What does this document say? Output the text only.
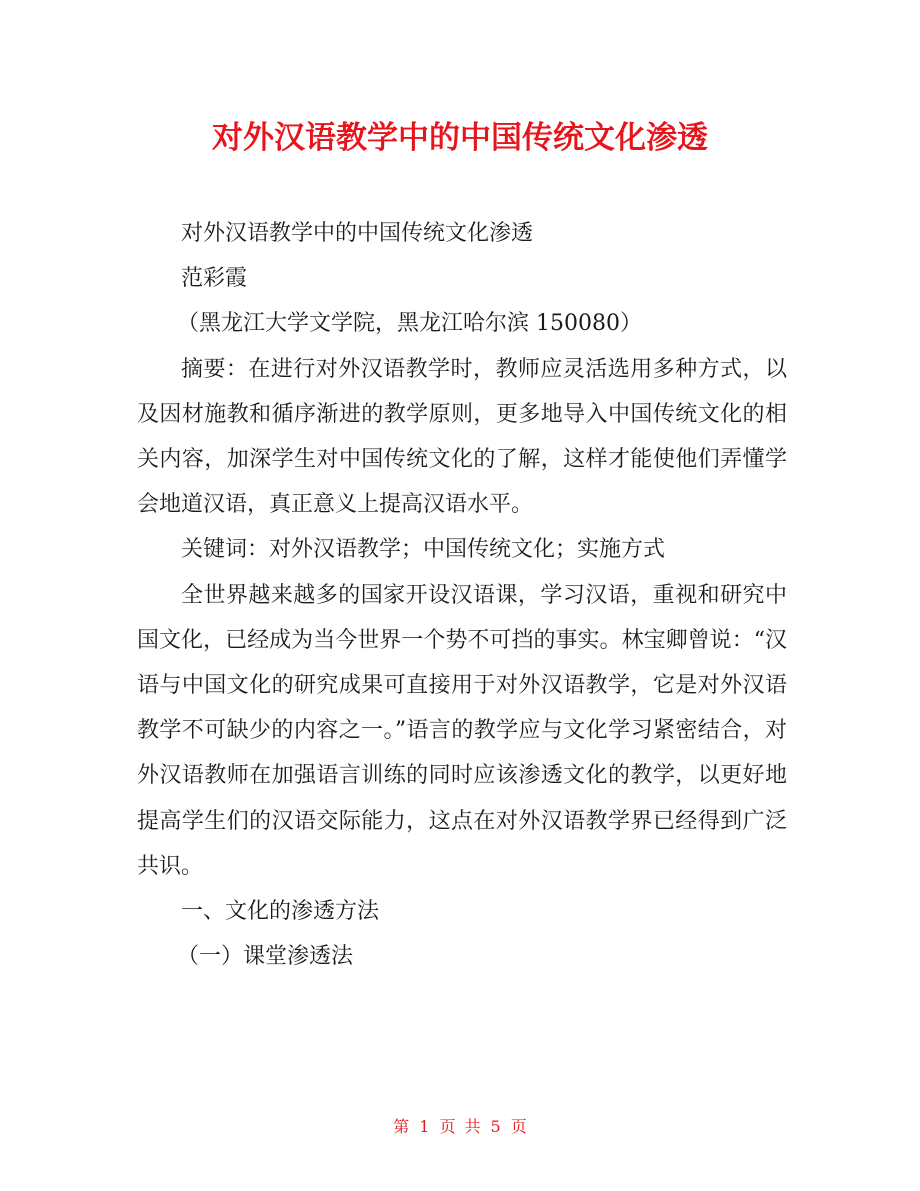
对外汉语教学中的中国传统文化渗透

对外汉语教学中的中国传统文化渗透

范彩霞

（黑龙江大学文学院，黑龙江哈尔滨 150080）

摘要：在进行对外汉语教学时，教师应灵活选用多种方式，以及因材施教和循序渐进的教学原则，更多地导入中国传统文化的相关内容，加深学生对中国传统文化的了解，这样才能使他们弄懂学会地道汉语，真正意义上提高汉语水平。

关键词：对外汉语教学；中国传统文化；实施方式

全世界越来越多的国家开设汉语课，学习汉语，重视和研究中国文化，已经成为当今世界一个势不可挡的事实。林宝卿曾说：“汉语与中国文化的研究成果可直接用于对外汉语教学，它是对外汉语教学不可缺少的内容之一。”语言的教学应与文化学习紧密结合，对外汉语教师在加强语言训练的同时应该渗透文化的教学，以更好地提高学生们的汉语交际能力，这点在对外汉语教学界已经得到广泛共识。

一、文化的渗透方法

（一）课堂渗透法

第 1 页 共 5 页
